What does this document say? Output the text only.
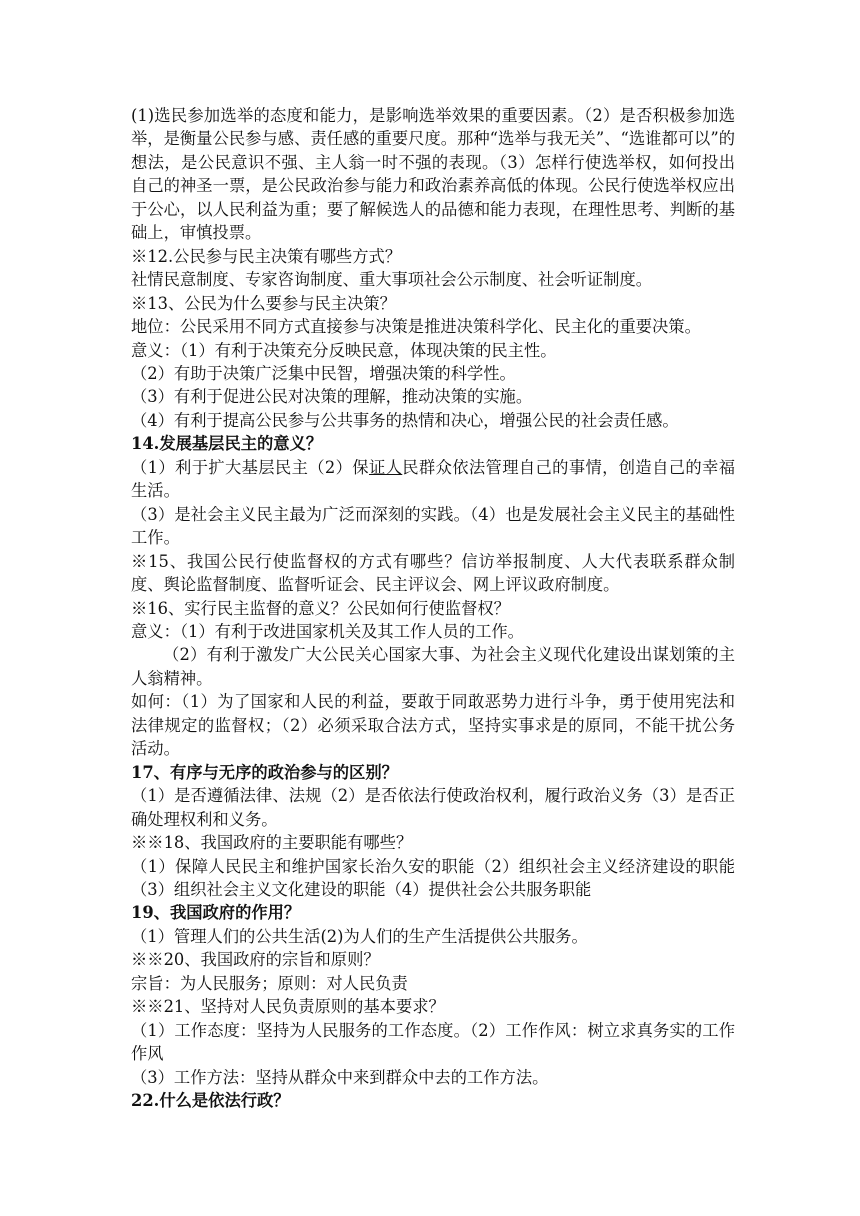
(1)选民参加选举的态度和能力，是影响选举效果的重要因素。（2）是否积极参加选举，是衡量公民参与感、责任感的重要尺度。那种“选举与我无关”、“选谁都可以”的想法，是公民意识不强、主人翁一时不强的表现。（3）怎样行使选举权，如何投出自己的神圣一票，是公民政治参与能力和政治素养高低的体现。公民行使选举权应出于公心，以人民利益为重；要了解候选人的品德和能力表现，在理性思考、判断的基础上，审慎投票。

※12.公民参与民主决策有哪些方式？

社情民意制度、专家咨询制度、重大事项社会公示制度、社会听证制度。

※13、公民为什么要参与民主决策？

地位：公民采用不同方式直接参与决策是推进决策科学化、民主化的重要决策。

意义：（1）有利于决策充分反映民意，体现决策的民主性。

（2）有助于决策广泛集中民智，增强决策的科学性。

（3）有利于促进公民对决策的理解，推动决策的实施。

（4）有利于提高公民参与公共事务的热情和决心，增强公民的社会责任感。

14.发展基层民主的意义？

（1）利于扩大基层民主（2）保证人民群众依法管理自己的事情，创造自己的幸福生活。

（3）是社会主义民主最为广泛而深刻的实践。（4）也是发展社会主义民主的基础性工作。

※15、我国公民行使监督权的方式有哪些？信访举报制度、人大代表联系群众制度、舆论监督制度、监督听证会、民主评议会、网上评议政府制度。

※16、实行民主监督的意义？公民如何行使监督权？

意义：（1）有利于改进国家机关及其工作人员的工作。

（2）有利于激发广大公民关心国家大事、为社会主义现代化建设出谋划策的主人翁精神。

如何：（1）为了国家和人民的利益，要敢于同敢恶势力进行斗争，勇于使用宪法和法律规定的监督权；（2）必须采取合法方式，坚持实事求是的原同，不能干扰公务活动。

17、有序与无序的政治参与的区别？

（1）是否遵循法律、法规（2）是否依法行使政治权利，履行政治义务（3）是否正确处理权利和义务。

※※18、我国政府的主要职能有哪些？

（1）保障人民民主和维护国家长治久安的职能（2）组织社会主义经济建设的职能（3）组织社会主义文化建设的职能（4）提供社会公共服务职能

19、我国政府的作用？

（1）管理人们的公共生活(2)为人们的生产生活提供公共服务。

※※20、我国政府的宗旨和原则？

宗旨：为人民服务；原则：对人民负责

※※21、坚持对人民负责原则的基本要求？

（1）工作态度：坚持为人民服务的工作态度。（2）工作作风：树立求真务实的工作作风

（3）工作方法：坚持从群众中来到群众中去的工作方法。

22.什么是依法行政？
